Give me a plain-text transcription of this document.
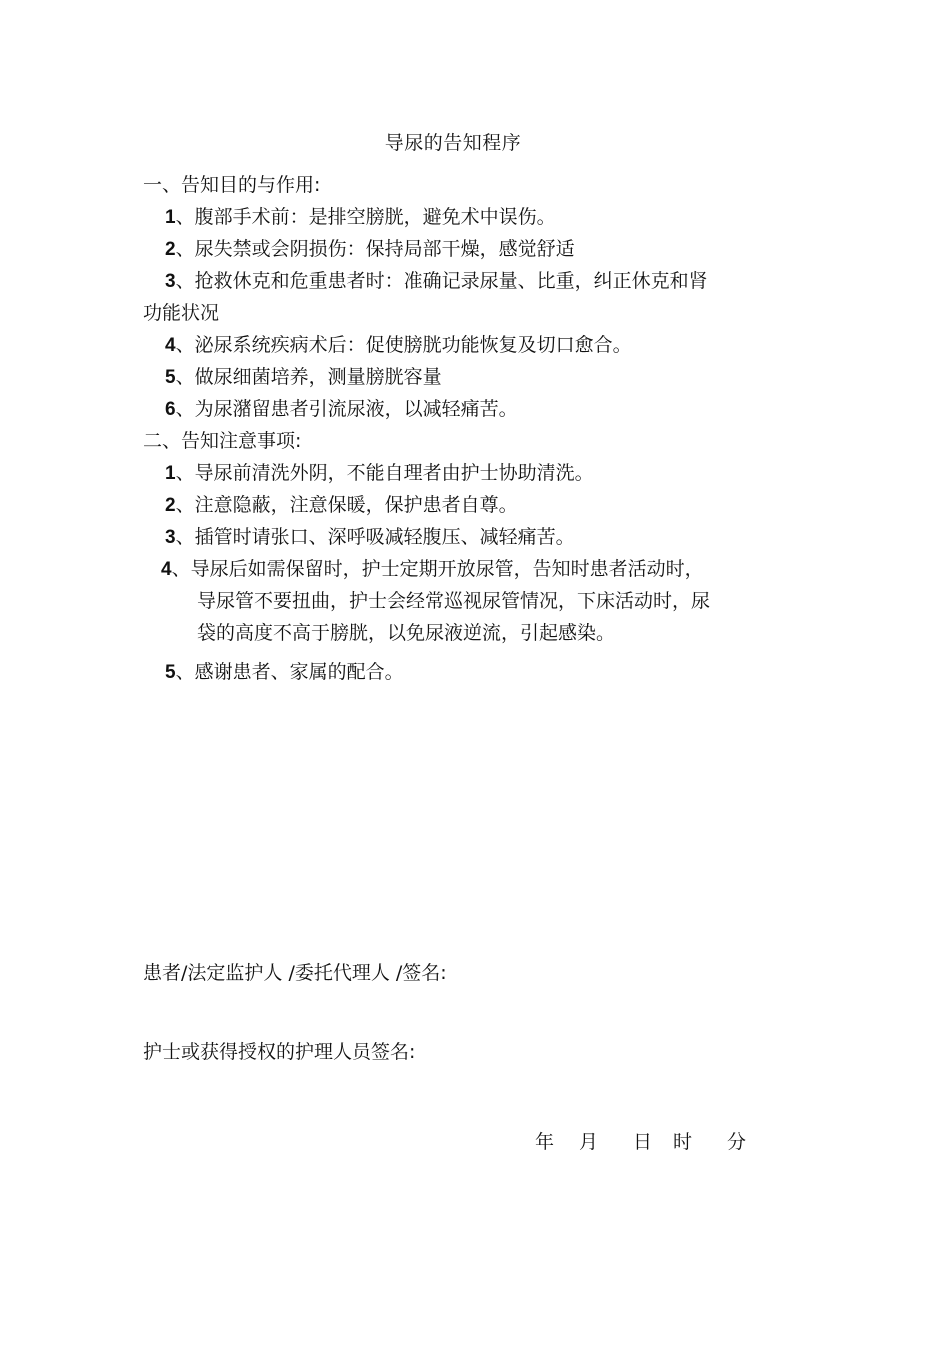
导尿的告知程序
一、告知目的与作用:
1、腹部手术前：是排空膀胱，避免术中误伤。
2、尿失禁或会阴损伤：保持局部干燥，感觉舒适
3、抢救休克和危重患者时：准确记录尿量、比重，纠正休克和肾
功能状况
4、泌尿系统疾病术后：促使膀胱功能恢复及切口愈合。
5、做尿细菌培养，测量膀胱容量
6、为尿潴留患者引流尿液，以减轻痛苦。
二、告知注意事项:
1、导尿前清洗外阴，不能自理者由护士协助清洗。
2、注意隐蔽，注意保暖，保护患者自尊。
3、插管时请张口、深呼吸减轻腹压、减轻痛苦。
4、导尿后如需保留时，护士定期开放尿管，告知时患者活动时，
导尿管不要扭曲，护士会经常巡视尿管情况，下床活动时，尿
袋的高度不高于膀胱，以免尿液逆流，引起感染。
5、感谢患者、家属的配合。
患者/法定监护人 /委托代理人 /签名:
护士或获得授权的护理人员签名:
年 月 日 时 分
